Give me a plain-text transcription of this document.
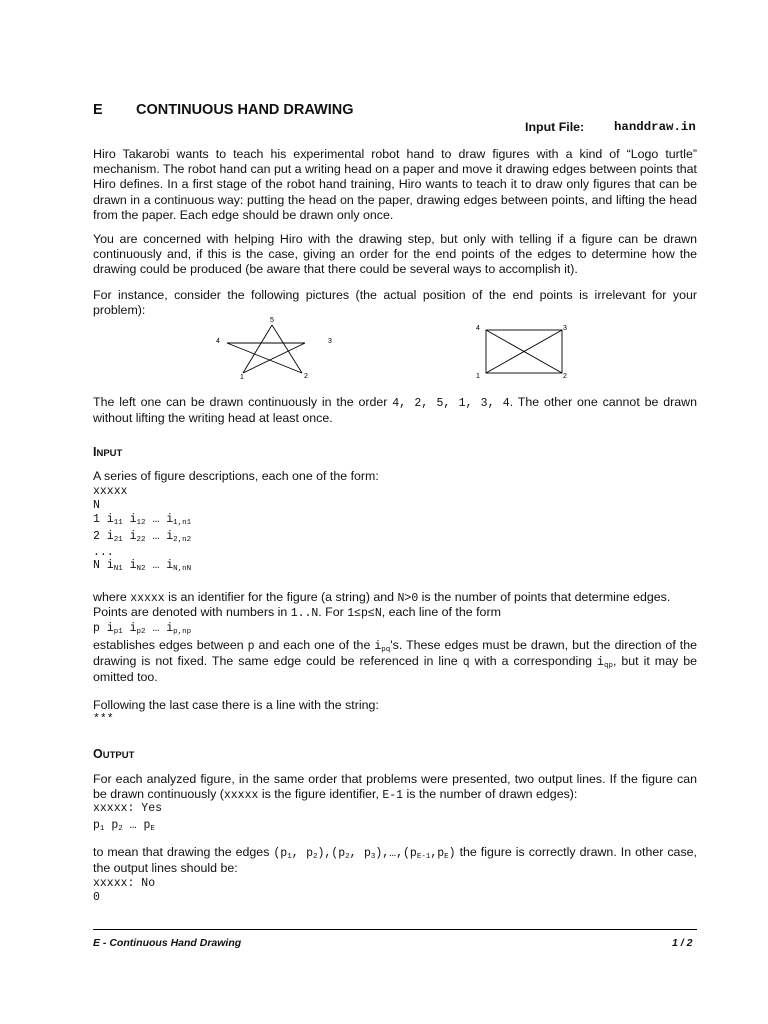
E CONTINUOUS HAND DRAWING
Input File: handdraw.in

Hiro Takarobi wants to teach his experimental robot hand to draw figures with a kind of “Logo turtle” mechanism. The robot hand can put a writing head on a paper and move it drawing edges between points that Hiro defines. In a first stage of the robot hand training, Hiro wants to teach it to draw only figures that can be drawn in a continuous way: putting the head on the paper, drawing edges between points, and lifting the head from the paper. Each edge should be drawn only once.

You are concerned with helping Hiro with the drawing step, but only with telling if a figure can be drawn continuously and, if this is the case, giving an order for the end points of the edges to determine how the drawing could be produced (be aware that there could be several ways to accomplish it).

For instance, consider the following pictures (the actual position of the end points is irrelevant for your problem):

1	2
3
4
5
1	2
3
4

The left one can be drawn continuously in the order 4, 2, 5, 1, 3, 4. The other one cannot be drawn without lifting the writing head at least once.

INPUT

A series of figure descriptions, each one of the form:

xxxxx
N
1 $i_{11}$ $i_{12}$ … $i_{1,n1}$
2 $i_{21}$ $i_{22}$ … $i_{2,n2}$
...
N $i_{N1}$ $i_{N2}$ … $i_{N,nN}$

where xxxxx is an identifier for the figure (a string) and N>0 is the number of points that determine edges.

Points are denoted with numbers in 1..N. For 1≤p≤N, each line of the form

p $i_{p1}$ $i_{p2}$ … $i_{p,np}$

establishes edges between p and each one of the $i_{pq}'s$. These edges must be drawn, but the direction of the drawing is not fixed. The same edge could be referenced in line q with a corresponding $i_{qp}$, but it may be omitted too.

Following the last case there is a line with the string:

***
OUTPUT

For each analyzed figure, in the same order that problems were presented, two output lines. If the figure can be drawn continuously (xxxxx is the figure identifier, E-1 is the number of drawn edges):

xxxxx: Yes
$p_1$ $p_2$ … $p_E$

to mean that drawing the edges ($p_1$, $p_2),(p_2$, $p_3),\dots,(p_{E-1},p_E)$ the figure is correctly drawn. In other case, the output lines should be:

xxxxx: No
0
E - Continuous Hand Drawing	1 / 2
